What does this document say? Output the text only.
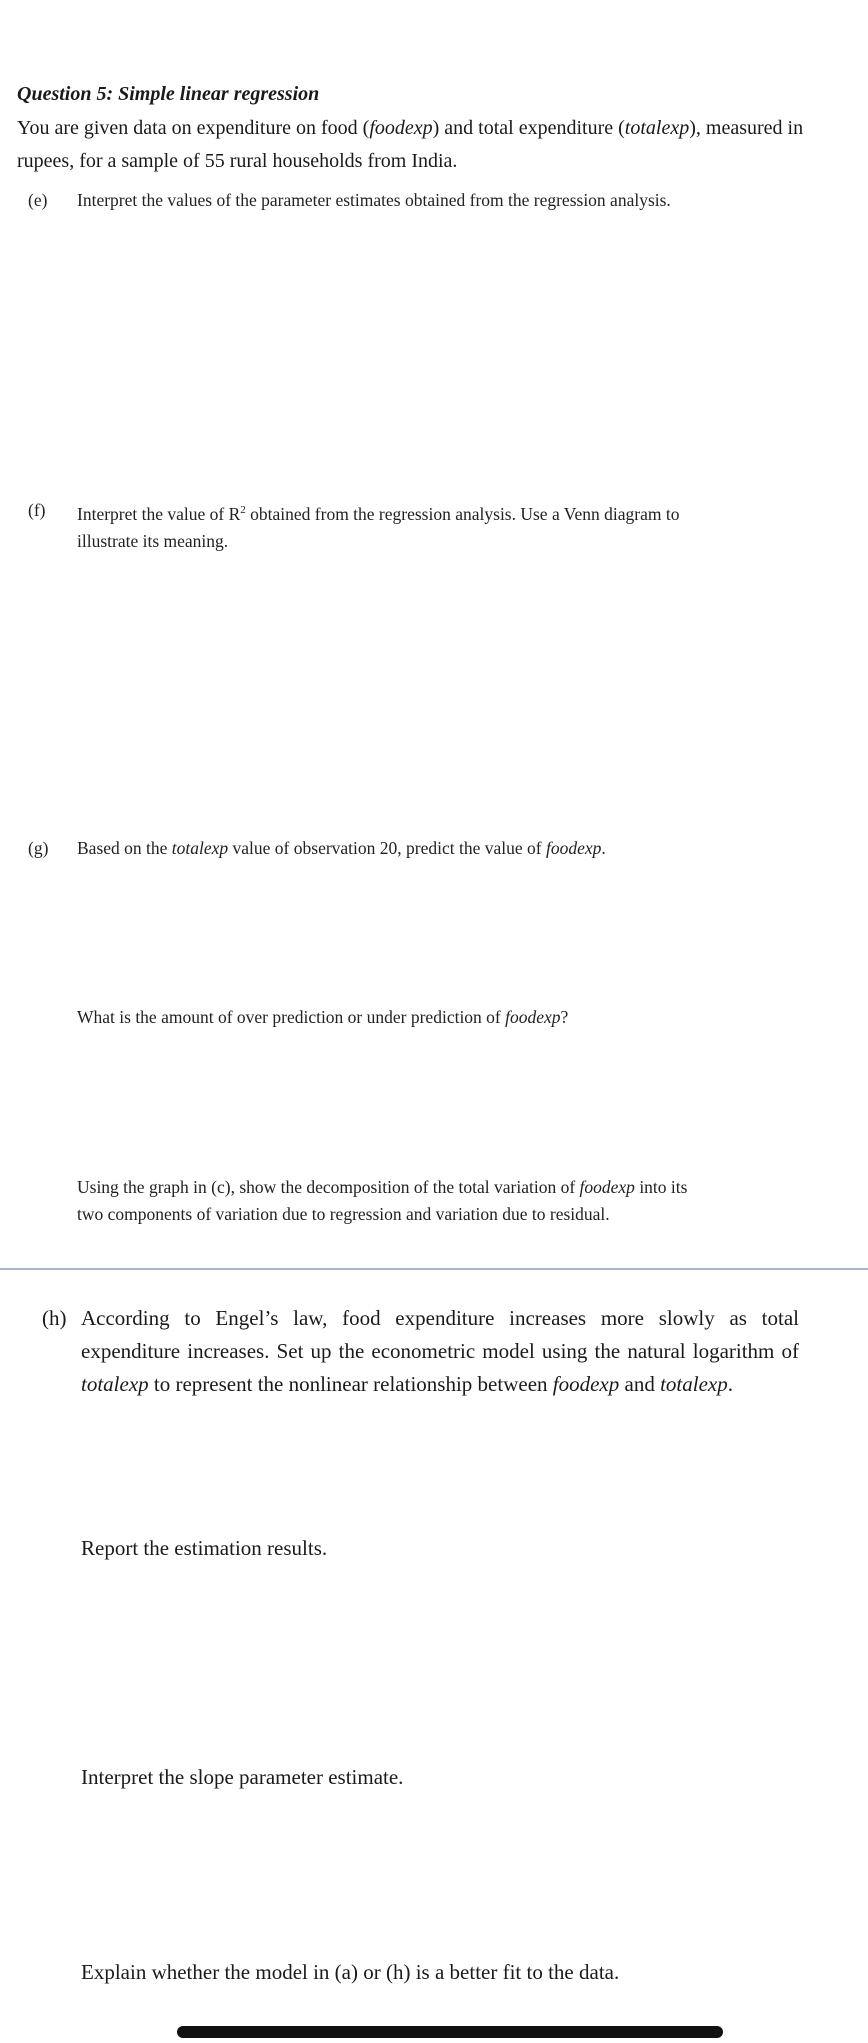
Question 5: Simple linear regression
You are given data on expenditure on food (foodexp) and total expenditure (totalexp), measured in rupees, for a sample of 55 rural households from India.
(e)	Interpret the values of the parameter estimates obtained from the regression analysis.
(f)	Interpret the value of $R^2$ obtained from the regression analysis. Use a Venn diagram to illustrate its meaning.
(g)	Based on the totalexp value of observation 20, predict the value of foodexp.
What is the amount of over prediction or under prediction of foodexp?
Using the graph in (c), show the decomposition of the total variation of foodexp into its two components of variation due to regression and variation due to residual.
(h) According to Engel’s law, food expenditure increases more slowly as total expenditure increases. Set up the econometric model using the natural logarithm of totalexp to represent the nonlinear relationship between foodexp and totalexp.
Report the estimation results.
Interpret the slope parameter estimate.
Explain whether the model in (a) or (h) is a better fit to the data.
